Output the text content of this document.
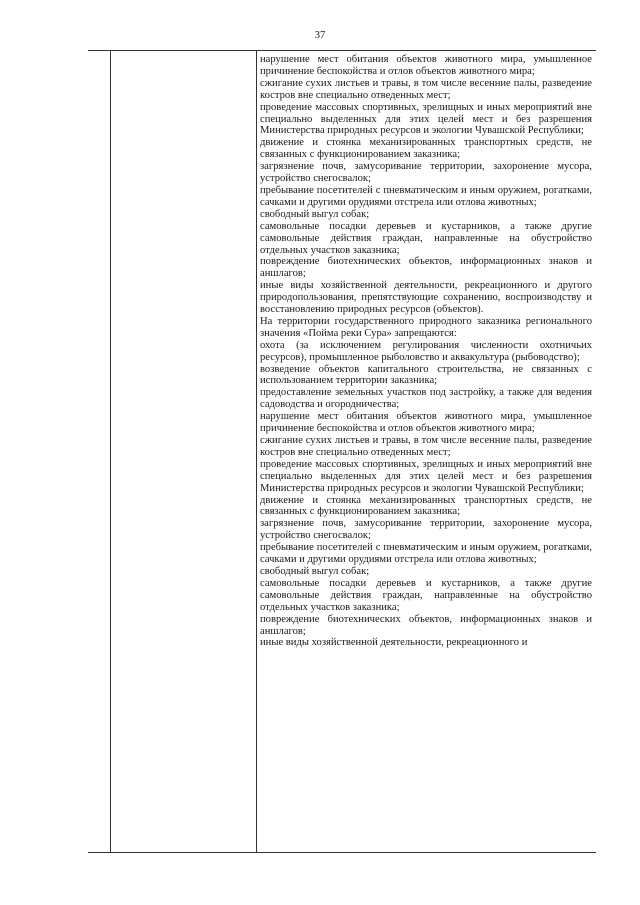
37

нарушение мест обитания объектов животного мира, умышленное причинение беспокойства и отлов объектов животного мира;

сжигание сухих листьев и травы, в том числе весенние палы, разведение костров вне специально отведенных мест;

проведение массовых спортивных, зрелищных и иных мероприятий вне специально выделенных для этих целей мест и без разрешения Министерства природных ресурсов и экологии Чувашской Республики;

движение и стоянка механизированных транспортных средств, не связанных с функционированием заказника;

загрязнение почв, замусоривание территории, захоронение мусора, устройство снегосвалок;

пребывание посетителей с пневматическим и иным оружием, рогатками, сачками и другими орудиями отстрела или отлова животных;

свободный выгул собак;

самовольные посадки деревьев и кустарников, а также другие самовольные действия граждан, направленные на обустройство отдельных участков заказника;

повреждение биотехнических объектов, информационных знаков и аншлагов;

иные виды хозяйственной деятельности, рекреационного и другого природопользования, препятствующие сохранению, воспроизводству и восстановлению природных ресурсов (объектов).

На территории государственного природного заказника регионального значения «Пойма реки Сура» запрещаются:

охота (за исключением регулирования численности охотничьих ресурсов), промышленное рыболовство и аквакультура (рыбоводство);

возведение объектов капитального строительства, не связанных с использованием территории заказника;

предоставление земельных участков под застройку, а также для ведения садоводства и огородничества;

нарушение мест обитания объектов животного мира, умышленное причинение беспокойства и отлов объектов животного мира;

сжигание сухих листьев и травы, в том числе весенние палы, разведение костров вне специально отведенных мест;

проведение массовых спортивных, зрелищных и иных мероприятий вне специально выделенных для этих целей мест и без разрешения Министерства природных ресурсов и экологии Чувашской Республики;

движение и стоянка механизированных транспортных средств, не связанных с функционированием заказника;

загрязнение почв, замусоривание территории, захоронение мусора, устройство снегосвалок;

пребывание посетителей с пневматическим и иным оружием, рогатками, сачками и другими орудиями отстрела или отлова животных;

свободный выгул собак;

самовольные посадки деревьев и кустарников, а также другие самовольные действия граждан, направленные на обустройство отдельных участков заказника;

повреждение биотехнических объектов, информационных знаков и аншлагов;

иные виды хозяйственной деятельности, рекреационного и
